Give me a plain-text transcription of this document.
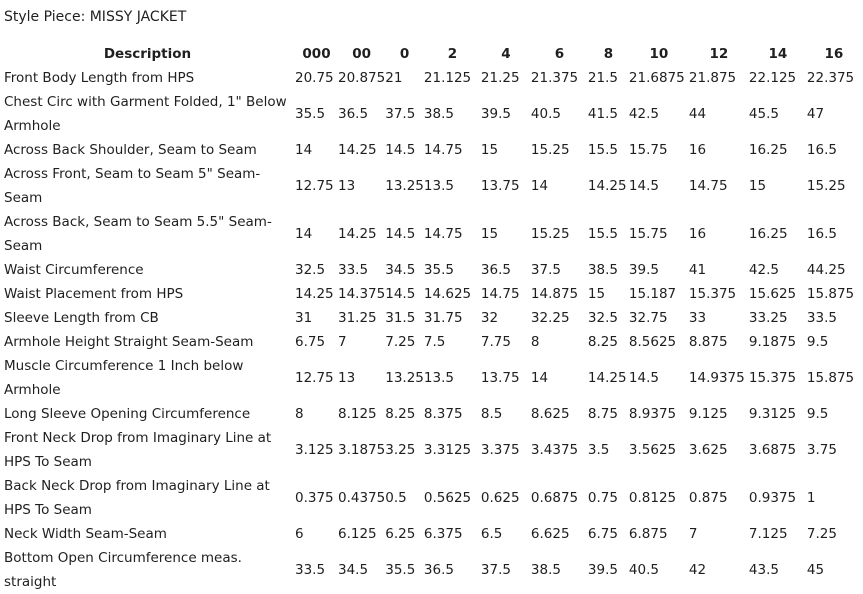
Style Piece: MISSY JACKET
Description	000	00	0	2	4	6	8	10	12	14	16
Front Body Length from HPS	20.75	20.875	21	21.125	21.25	21.375	21.5	21.6875	21.875	22.125	22.375
Chest Circ with Garment Folded, 1" Below Armhole	35.5	36.5	37.5	38.5	39.5	40.5	41.5	42.5	44	45.5	47
Across Back Shoulder, Seam to Seam	14	14.25	14.5	14.75	15	15.25	15.5	15.75	16	16.25	16.5
Across Front, Seam to Seam 5" Seam-Seam	12.75	13	13.25	13.5	13.75	14	14.25	14.5	14.75	15	15.25
Across Back, Seam to Seam 5.5" Seam-Seam	14	14.25	14.5	14.75	15	15.25	15.5	15.75	16	16.25	16.5
Waist Circumference	32.5	33.5	34.5	35.5	36.5	37.5	38.5	39.5	41	42.5	44.25
Waist Placement from HPS	14.25	14.375	14.5	14.625	14.75	14.875	15	15.187	15.375	15.625	15.875
Sleeve Length from CB	31	31.25	31.5	31.75	32	32.25	32.5	32.75	33	33.25	33.5
Armhole Height Straight Seam-Seam	6.75	7	7.25	7.5	7.75	8	8.25	8.5625	8.875	9.1875	9.5
Muscle Circumference 1 Inch below Armhole	12.75	13	13.25	13.5	13.75	14	14.25	14.5	14.9375	15.375	15.875
Long Sleeve Opening Circumference	8	8.125	8.25	8.375	8.5	8.625	8.75	8.9375	9.125	9.3125	9.5
Front Neck Drop from Imaginary Line at HPS To Seam	3.125	3.1875	3.25	3.3125	3.375	3.4375	3.5	3.5625	3.625	3.6875	3.75
Back Neck Drop from Imaginary Line at HPS To Seam	0.375	0.4375	0.5	0.5625	0.625	0.6875	0.75	0.8125	0.875	0.9375	1
Neck Width Seam-Seam	6	6.125	6.25	6.375	6.5	6.625	6.75	6.875	7	7.125	7.25
Bottom Open Circumference meas. straight	33.5	34.5	35.5	36.5	37.5	38.5	39.5	40.5	42	43.5	45
